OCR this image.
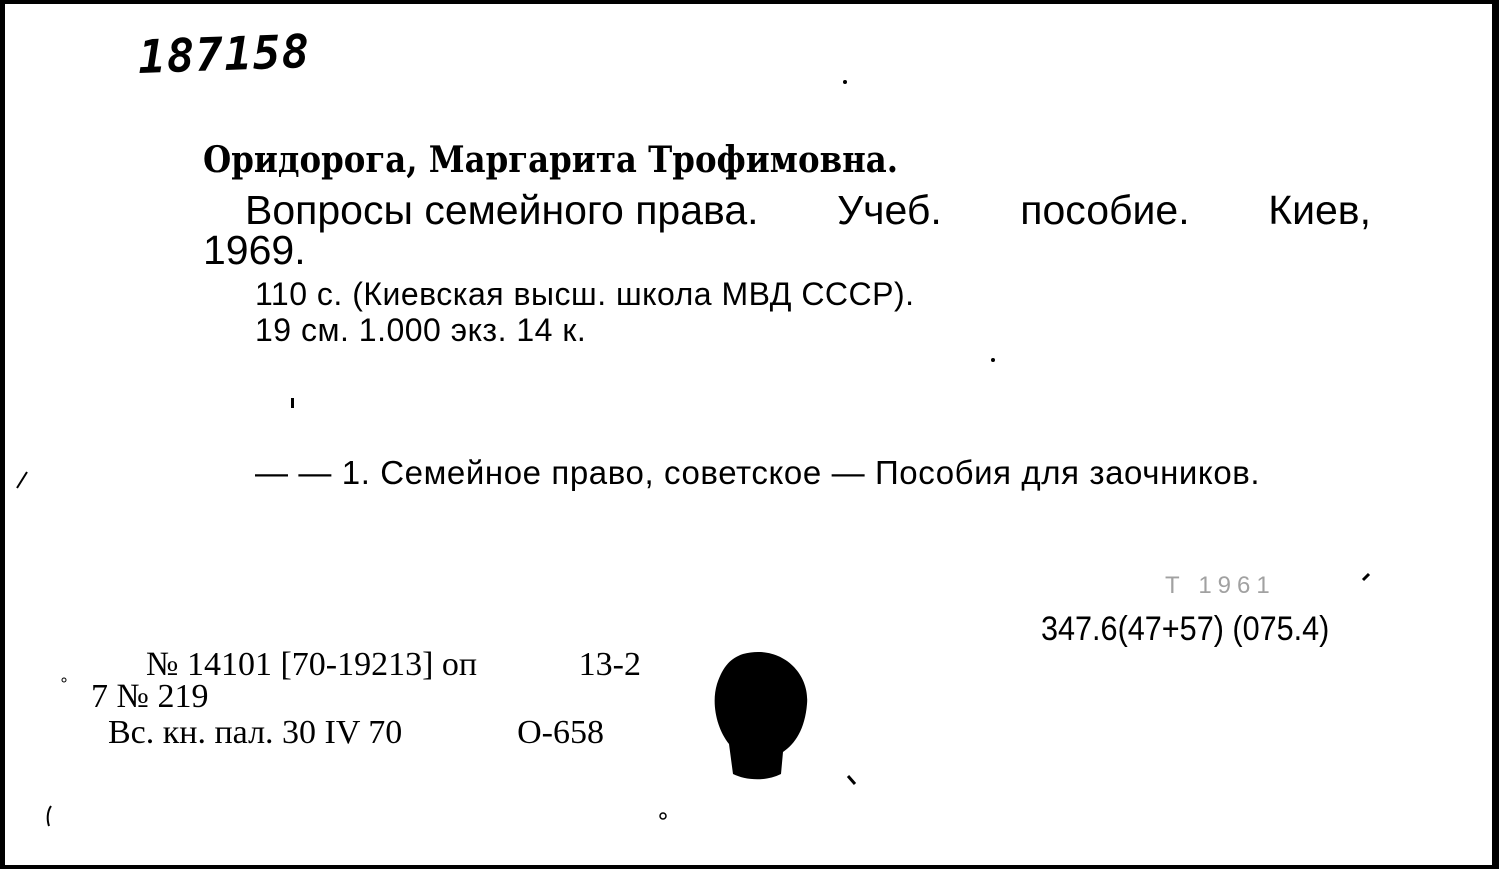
187158
Оридорога, Маргарита Трофимовна.
Вопросы семейного права. Учеб. пособие. Киев,
1969.
110 с. (Киевская высш. школа МВД СССР).
19 см. 1.000 экз. 14 к.
— — 1. Семейное право, советское — Пособия для заочников.
Т 1961
347.6(47+57) (075.4)
№ 14101 [70-19213] оп	13-2
7 № 219
Вс. кн. пал. 30 IV 70	О-658
